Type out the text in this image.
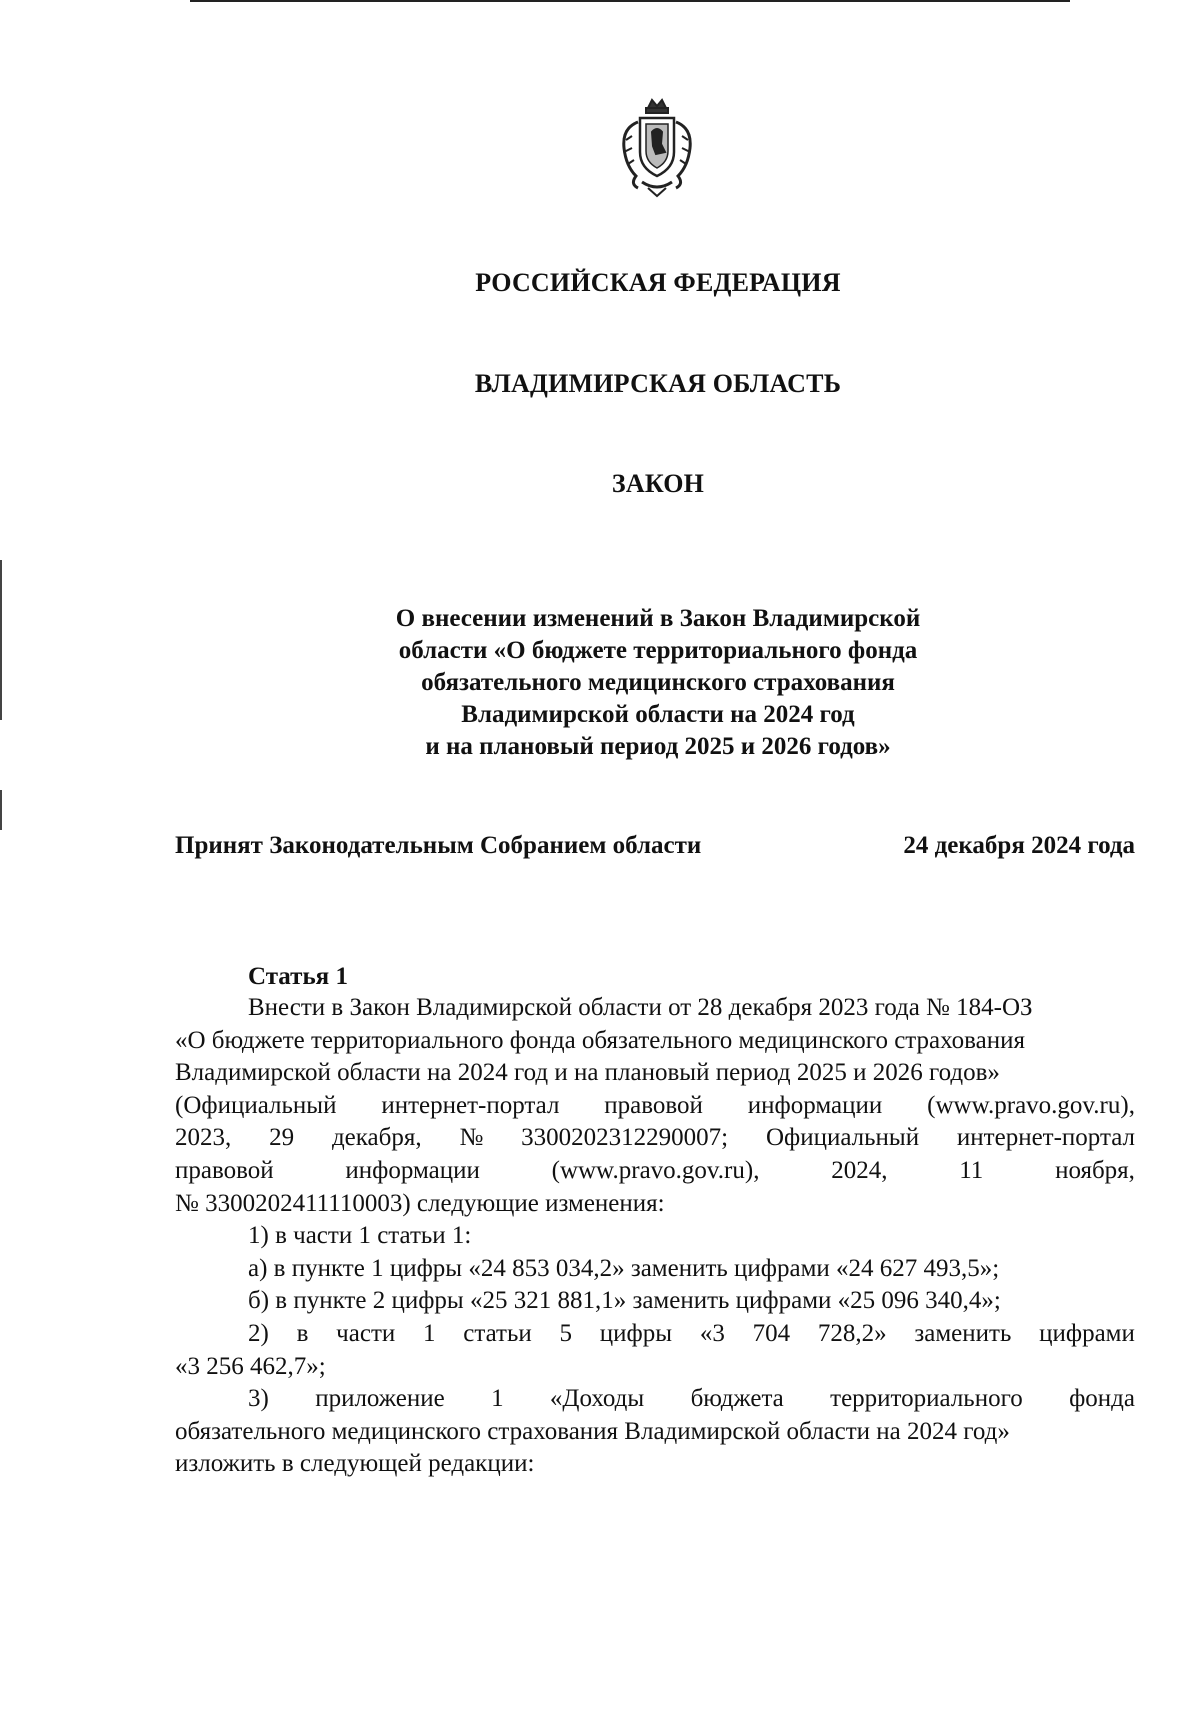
РОССИЙСКАЯ ФЕДЕРАЦИЯ
ВЛАДИМИРСКАЯ ОБЛАСТЬ
ЗАКОН
О внесении изменений в Закон Владимирской
области «О бюджете территориального фонда
обязательного медицинского страхования
Владимирской области на 2024 год
и на плановый период 2025 и 2026 годов»
Принят Законодательным Собранием области	24 декабря 2024 года
Статья 1
Внести в Закон Владимирской области от 28 декабря 2023 года № 184-ОЗ
«О бюджете территориального фонда обязательного медицинского страхования
Владимирской области на 2024 год и на плановый период 2025 и 2026 годов»
(Официальный интернет-портал правовой информации (www.pravo.gov.ru),
2023, 29 декабря, № 3300202312290007; Официальный интернет-портал
правовой	информации	(www.pravo.gov.ru),	2024,	11	ноября,
№ 3300202411110003) следующие изменения:
1) в части 1 статьи 1:
а) в пункте 1 цифры «24 853 034,2» заменить цифрами «24 627 493,5»;
б) в пункте 2 цифры «25 321 881,1» заменить цифрами «25 096 340,4»;
2) в части 1 статьи 5 цифры «3 704 728,2» заменить цифрами
«3 256 462,7»;
3) приложение 1 «Доходы бюджета территориального фонда
обязательного медицинского страхования Владимирской области на 2024 год»
изложить в следующей редакции:
